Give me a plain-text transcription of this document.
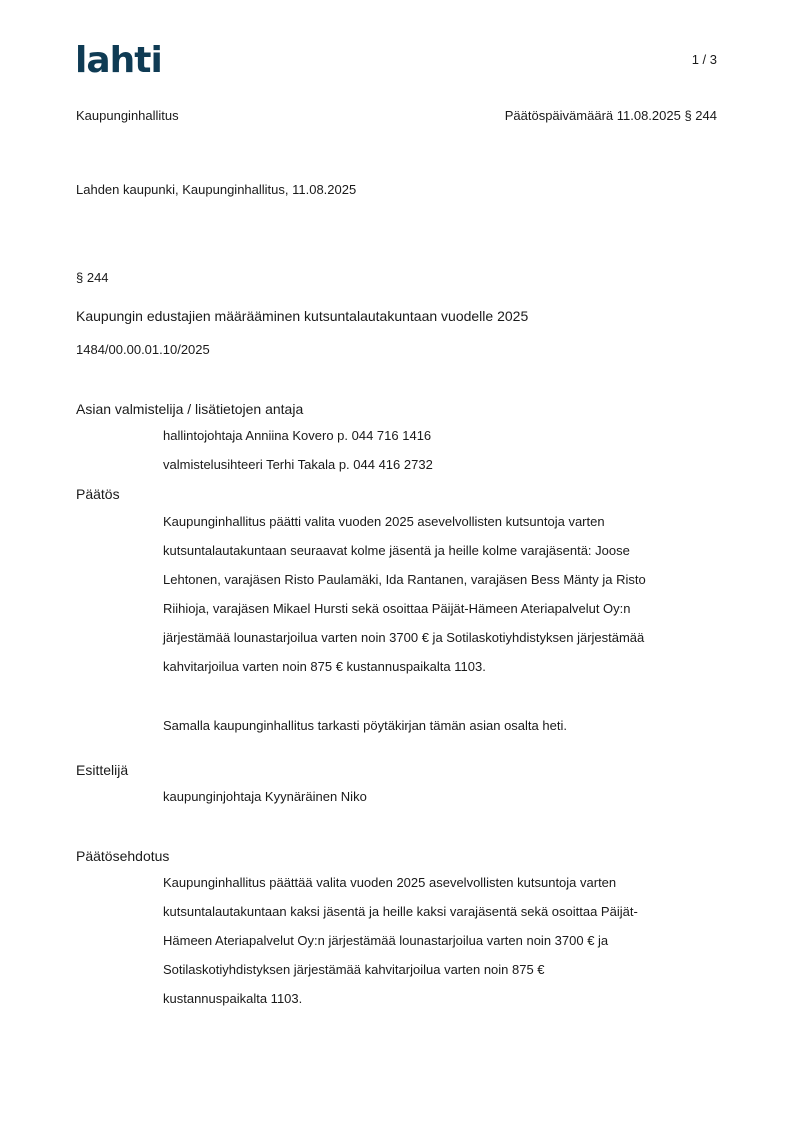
lahti	1 / 3
Kaupunginhallitus	Päätöspäivämäärä 11.08.2025 § 244
Lahden kaupunki, Kaupunginhallitus, 11.08.2025
§ 244
Kaupungin edustajien määrääminen kutsuntalautakuntaan vuodelle 2025
1484/00.00.01.10/2025
Asian valmistelija / lisätietojen antaja
hallintojohtaja Anniina Kovero p. 044 716 1416
valmistelusihteeri Terhi Takala p. 044 416 2732
Päätös
Kaupunginhallitus päätti valita vuoden 2025 asevelvollisten kutsuntoja varten
kutsuntalautakuntaan seuraavat kolme jäsentä ja heille kolme varajäsentä: Joose
Lehtonen, varajäsen Risto Paulamäki, Ida Rantanen, varajäsen Bess Mänty ja Risto
Riihioja, varajäsen Mikael Hursti sekä osoittaa Päijät-Hämeen Ateriapalvelut Oy:n
järjestämää lounastarjoilua varten noin 3700 € ja Sotilaskotiyhdistyksen järjestämää
kahvitarjoilua varten noin 875 € kustannuspaikalta 1103.
Samalla kaupunginhallitus tarkasti pöytäkirjan tämän asian osalta heti.
Esittelijä
kaupunginjohtaja Kyynäräinen Niko
Päätösehdotus
Kaupunginhallitus päättää valita vuoden 2025 asevelvollisten kutsuntoja varten
kutsuntalautakuntaan kaksi jäsentä ja heille kaksi varajäsentä sekä osoittaa Päijät-
Hämeen Ateriapalvelut Oy:n järjestämää lounastarjoilua varten noin 3700 € ja
Sotilaskotiyhdistyksen järjestämää kahvitarjoilua varten noin 875 €
kustannuspaikalta 1103.
